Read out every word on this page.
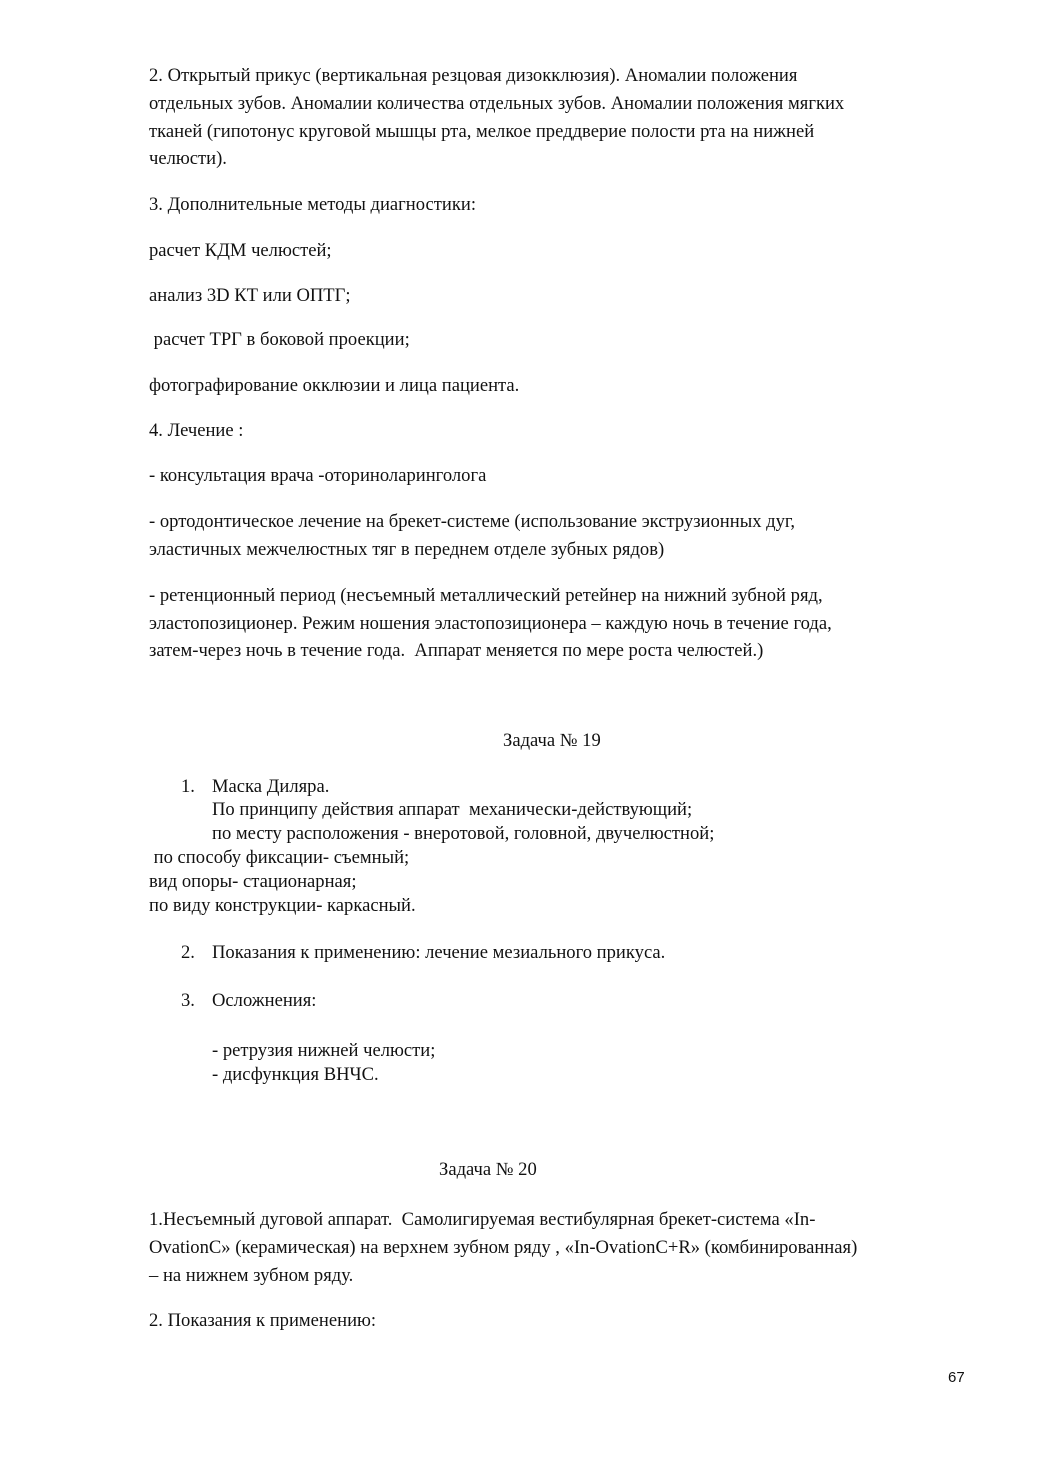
2. Открытый прикус (вертикальная резцовая дизокклюзия). Аномалии положения
отдельных зубов. Аномалии количества отдельных зубов. Аномалии положения мягких
тканей (гипотонус круговой мышцы рта, мелкое преддверие полости рта на нижней
челюсти).
3. Дополнительные методы диагностики:
расчет КДМ челюстей;
анализ 3D КТ или ОПТГ;
расчет ТРГ в боковой проекции;
фотографирование окклюзии и лица пациента.
4. Лечение :
- консультация врача -оториноларинголога
- ортодонтическое лечение на брекет-системе (использование экструзионных дуг,
эластичных межчелюстных тяг в переднем отделе зубных рядов)
- ретенционный период (несъемный металлический ретейнер на нижний зубной ряд,
эластопозиционер. Режим ношения эластопозиционера – каждую ночь в течение года,
затем-через ночь в течение года.  Аппарат меняется по мере роста челюстей.)
Задача № 19
1. Маска Диляра.
По принципу действия аппарат  механически-действующий;
по месту расположения - внеротовой, головной, двучелюстной;
по способу фиксации- съемный;
вид опоры- стационарная;
по виду конструкции- каркасный.
2. Показания к применению: лечение мезиального прикуса.
3. Осложнения:
- ретрузия нижней челюсти;
- дисфункция ВНЧС.
Задача № 20
1.Несъемный дуговой аппарат.  Самолигируемая вестибулярная брекет-система «In-
OvationC» (керамическая) на верхнем зубном ряду , «In-OvationC+R» (комбинированная)
– на нижнем зубном ряду.
2. Показания к применению:
67
